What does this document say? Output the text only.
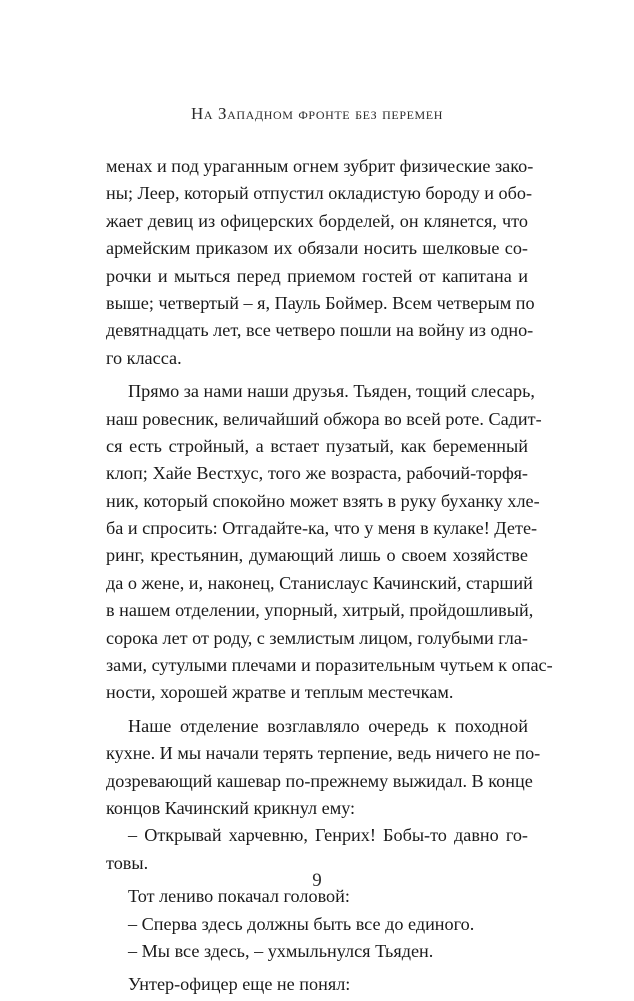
На Западном фронте без перемен
менах и под ураганным огнем зубрит физические зако-
ны; Леер, который отпустил окладистую бороду и обо-
жает девиц из офицерских борделей, он клянется, что
армейским приказом их обязали носить шелковые со-
рочки и мыться перед приемом гостей от капитана и
выше; четвертый – я, Пауль Боймер. Всем четверым по
девятнадцать лет, все четверо пошли на войну из одно-
го класса.
Прямо за нами наши друзья. Тьяден, тощий слесарь,
наш ровесник, величайший обжора во всей роте. Садит-
ся есть стройный, а встает пузатый, как беременный
клоп; Хайе Вестхус, того же возраста, рабочий-торфя-
ник, который спокойно может взять в руку буханку хле-
ба и спросить: Отгадайте-ка, что у меня в кулаке! Дете-
ринг, крестьянин, думающий лишь о своем хозяйстве
да о жене, и, наконец, Станислаус Качинский, старший
в нашем отделении, упорный, хитрый, пройдошливый,
сорока лет от роду, с землистым лицом, голубыми гла-
зами, сутулыми плечами и поразительным чутьем к опас-
ности, хорошей жратве и теплым местечкам.
Наше отделение возглавляло очередь к походной
кухне. И мы начали терять терпение, ведь ничего не по-
дозревающий кашевар по-прежнему выжидал. В конце
концов Качинский крикнул ему:
– Открывай харчевню, Генрих! Бобы-то давно го-
товы.
Тот лениво покачал головой:
– Сперва здесь должны быть все до единого.
– Мы все здесь, – ухмыльнулся Тьяден.
Унтер-офицер еще не понял:
9
